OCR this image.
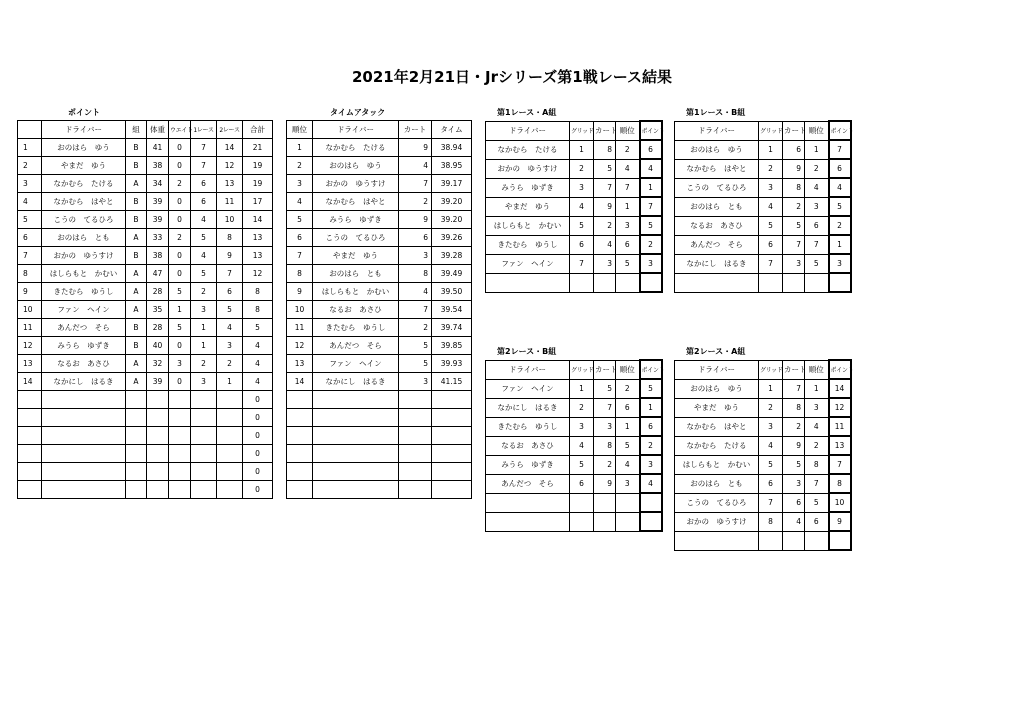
2021年2月21日・Jrシリーズ第1戦レース結果
ポイント	タイムアタック	第1レース・A組	第1レース・B組
第2レース・B組	第2レース・A組
	ドライバー	組	体重	ウエイト	1レース	2レース	合計
1	おのはら　ゆう	B	41	0	7	14	21
2	やまだ　ゆう	B	38	0	7	12	19
3	なかむら　たける	A	34	2	6	13	19
4	なかむら　はやと	B	39	0	6	11	17
5	こうの　てるひろ	B	39	0	4	10	14
6	おのはら　とも	A	33	2	5	8	13
7	おかの　ゆうすけ	B	38	0	4	9	13
8	はしらもと　かむい	A	47	0	5	7	12
9	きたむら　ゆうし	A	28	5	2	6	8
10	ファン　ヘイン	A	35	1	3	5	8
11	あんだつ　そら	B	28	5	1	4	5
12	みうら　ゆずき	B	40	0	1	3	4
13	なるお　あさひ	A	32	3	2	2	4
14	なかにし　はるき	A	39	0	3	1	4
							0
							0
							0
							0
							0
							0
順位	ドライバー	カート	タイム
1	なかむら　たける	9	38.94
2	おのはら　ゆう	4	38.95
3	おかの　ゆうすけ	7	39.17
4	なかむら　はやと	2	39.20
5	みうら　ゆずき	9	39.20
6	こうの　てるひろ	6	39.26
7	やまだ　ゆう	3	39.28
8	おのはら　とも	8	39.49
9	はしらもと　かむい	4	39.50
10	なるお　あさひ	7	39.54
11	きたむら　ゆうし	2	39.74
12	あんだつ　そら	5	39.85
13	ファン　ヘイン	5	39.93
14	なかにし　はるき	3	41.15

ドライバー	グリッド	カート	順位	ポイント
なかむら　たける	1	8	2	6
おかの　ゆうすけ	2	5	4	4
みうら　ゆずき	3	7	7	1
やまだ　ゆう	4	9	1	7
はしらもと　かむい	5	2	3	5
きたむら　ゆうし	6	4	6	2
ファン　ヘイン	7	3	5	3

ドライバー	グリッド	カート	順位	ポイント
おのはら　ゆう	1	6	1	7
なかむら　はやと	2	9	2	6
こうの　てるひろ	3	8	4	4
おのはら　とも	4	2	3	5
なるお　あさひ	5	5	6	2
あんだつ　そら	6	7	7	1
なかにし　はるき	7	3	5	3

ドライバー	グリッド	カート	順位	ポイント
ファン　ヘイン	1	5	2	5
なかにし　はるき	2	7	6	1
きたむら　ゆうし	3	3	1	6
なるお　あさひ	4	8	5	2
みうら　ゆずき	5	2	4	3
あんだつ　そら	6	9	3	4

ドライバー	グリッド	カート	順位	ポイント
おのはら　ゆう	1	7	1	14
やまだ　ゆう	2	8	3	12
なかむら　はやと	3	2	4	11
なかむら　たける	4	9	2	13
はしらもと　かむい	5	5	8	7
おのはら　とも	6	3	7	8
こうの　てるひろ	7	6	5	10
おかの　ゆうすけ	8	4	6	9
